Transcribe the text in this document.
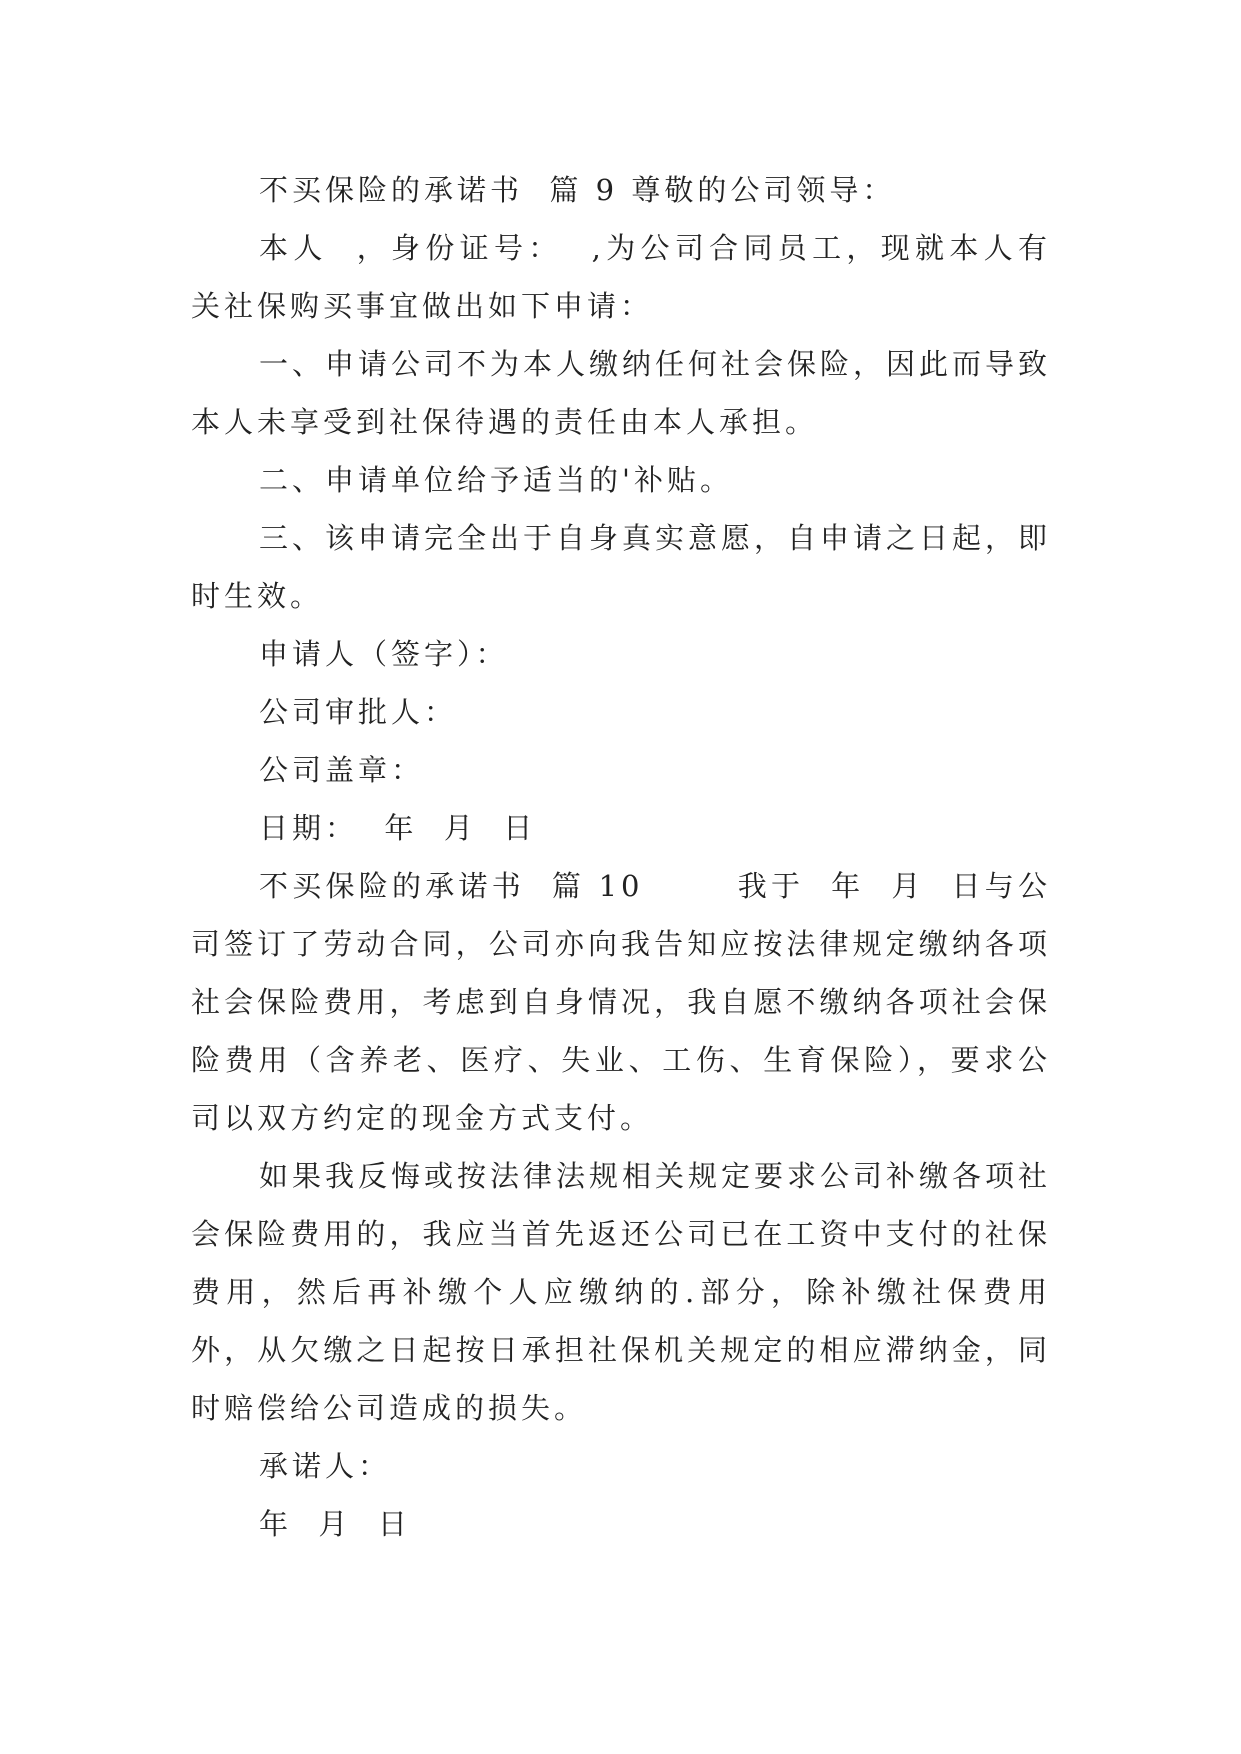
不买保险的承诺书  篇 9 尊敬的公司领导：

本人  ，身份证号：  ,为公司合同员工，现就本人有关社保购买事宜做出如下申请：

一、申请公司不为本人缴纳任何社会保险，因此而导致本人未享受到社保待遇的责任由本人承担。

二、申请单位给予适当的'补贴。

三、该申请完全出于自身真实意愿，自申请之日起，即时生效。

申请人（签字）：

公司审批人：

公司盖章：

日期：  年  月  日

不买保险的承诺书  篇 10       我于  年  月  日与公司签订了劳动合同，公司亦向我告知应按法律规定缴纳各项社会保险费用，考虑到自身情况，我自愿不缴纳各项社会保险费用（含养老、医疗、失业、工伤、生育保险），要求公司以双方约定的现金方式支付。

如果我反悔或按法律法规相关规定要求公司补缴各项社会保险费用的，我应当首先返还公司已在工资中支付的社保费用，然后再补缴个人应缴纳的.部分，除补缴社保费用外，从欠缴之日起按日承担社保机关规定的相应滞纳金，同时赔偿给公司造成的损失。

承诺人：

年  月  日
